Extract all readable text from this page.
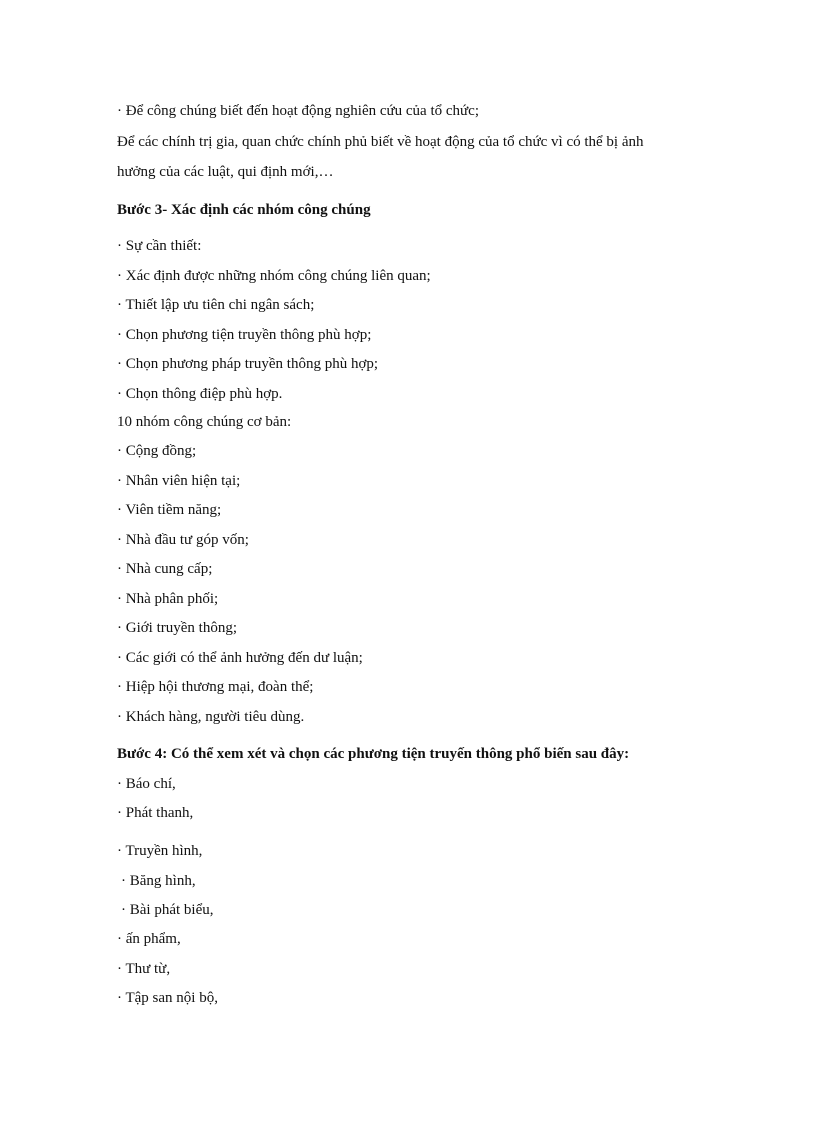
· Để công chúng biết đến hoạt động nghiên cứu của tổ chức;
Để các chính trị gia, quan chức chính phủ biết về hoạt động của tổ chức vì có thể bị ảnh
hưởng của các luật, qui định mới,…
Bước 3- Xác định các nhóm công chúng
· Sự cần thiết:
· Xác định được những nhóm công chúng liên quan;
· Thiết lập ưu tiên chi ngân sách;
· Chọn phương tiện truyền thông phù hợp;
· Chọn phương pháp truyền thông phù hợp;
· Chọn thông điệp phù hợp.
10 nhóm công chúng cơ bản:
· Cộng đồng;
· Nhân viên hiện tại;
· Viên tiềm năng;
· Nhà đầu tư góp vốn;
· Nhà cung cấp;
· Nhà phân phối;
· Giới truyền thông;
· Các giới có thể ảnh hưởng đến dư luận;
· Hiệp hội thương mại, đoàn thể;
· Khách hàng, người tiêu dùng.
Bước 4: Có thể xem xét và chọn các phương tiện truyến thông phổ biến sau đây:
· Báo chí,
· Phát thanh,
· Truyền hình,
· Băng hình,
· Bài phát biểu,
· ấn phẩm,
· Thư từ,
· Tập san nội bộ,
